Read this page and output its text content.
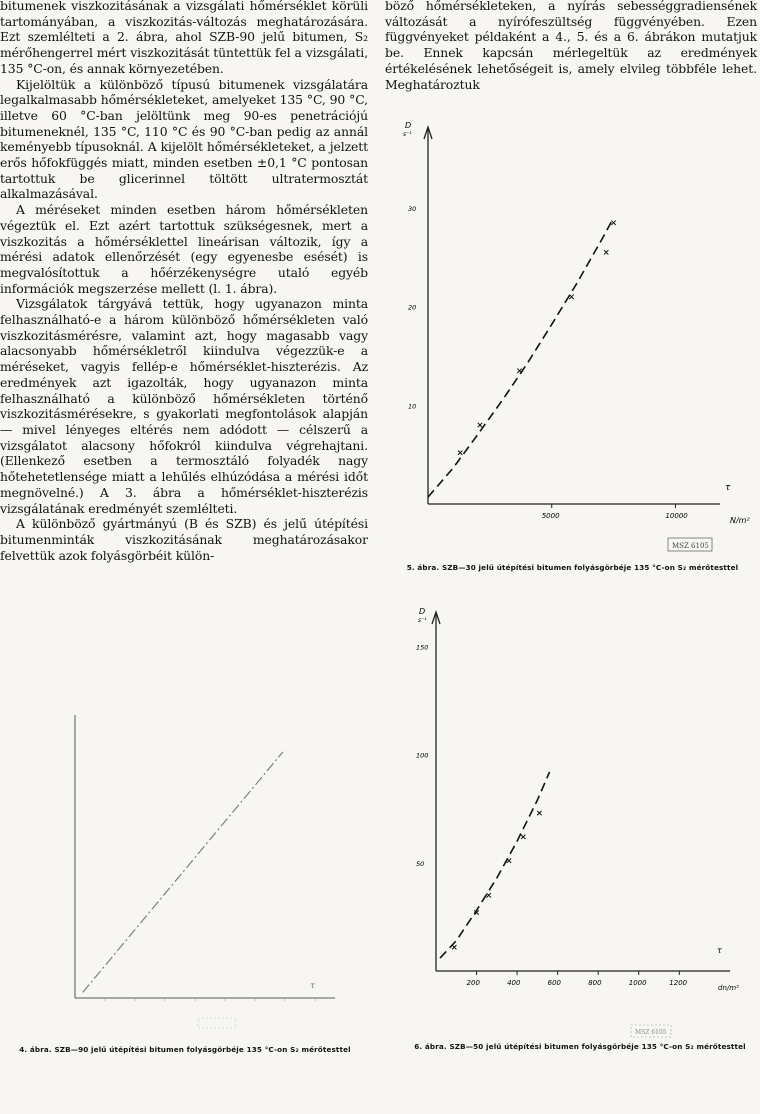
bitumenek viszkozitásának a vizsgálati hőmérséklet körüli tartományában, a viszkozitás-változás meghatározására. Ezt szemlélteti a 2. ábra, ahol SZB-90 jelű bitumen, S₂ mérőhengerrel mért viszkozitását tüntettük fel a vizsgálati, 135 °C-on, és annak környezetében.

Kijelöltük a különböző típusú bitumenek vizsgálatára legalkalmasabb hőmérsékleteket, amelyeket 135 °C, 90 °C, illetve 60 °C-ban jelöltünk meg 90-es penetrációjú bitumeneknél, 135 °C, 110 °C és 90 °C-ban pedig az annál keményebb típusoknál. A kijelölt hőmérsékleteket, a jelzett erős hőfokfüggés miatt, minden esetben ±0,1 °C pontosan tartottuk be glicerinnel töltött ultratermosztát alkalmazásával.

A méréseket minden esetben három hőmérsékleten végeztük el. Ezt azért tartottuk szükségesnek, mert a viszkozitás a hőmérséklettel lineárisan változik, így a mérési adatok ellenőrzését (egy egyenesbe esését) is megvalósítottuk a hőérzékenységre utaló egyéb információk megszerzése mellett (l. 1. ábra).

Vizsgálatok tárgyává tettük, hogy ugyanazon minta felhasználható-e a három különböző hőmérsékleten való viszkozitásmérésre, valamint azt, hogy magasabb vagy alacsonyabb hőmérsékletről kiindulva végezzük-e a méréseket, vagyis fellép-e hőmérséklet-hiszterézis. Az eredmények azt igazolták, hogy ugyanazon minta felhasználható a különböző hőmérsékleten történő viszkozitásmérésekre, s gyakorlati megfontolások alapján — mivel lényeges eltérés nem adódott — célszerű a vizsgálatot alacsony hőfokról kiindulva végrehajtani. (Ellenkező esetben a termosztáló folyadék nagy hőtehetetlensége miatt a lehűlés elhúzódása a mérési időt megnövelné.) A 3. ábra a hőmérséklet-hiszterézis vizsgálatának eredményét szemlélteti.

A különböző gyártmányú (B és SZB) és jelű útépítési bitumenminták viszkozitásának meghatározásakor felvettük azok folyásgörbéit külön-

böző hőmérsékleteken, a nyírás sebességgradiensének változását a nyírófeszültség függvényében. Ezen függvényeket példaként a 4., 5. és a 6. ábrákon mutatjuk be. Ennek kapcsán mérlegeltük az eredmények értékelésének lehetőségeit is, amely elvileg többféle lehet. Meghatároztuk

D
s⁻¹
τ
N/m²
5000	10000
10
20
30
MSZ 6105
5. ábra. SZB—30 jelű útépítési bitumen folyásgörbéje 135 °C-on S₂ mérőtesttel
D
s⁻¹
τ
dn/m²
200	400	600	800	1000	1200
50
100
150
MSZ 6105
6. ábra. SZB—50 jelű útépítési bitumen folyásgörbéje 135 °C-on S₂ mérőtesttel
τ
4. ábra. SZB—90 jelű útépítési bitumen folyásgörbéje 135 °C-on S₂ mérőtesttel
